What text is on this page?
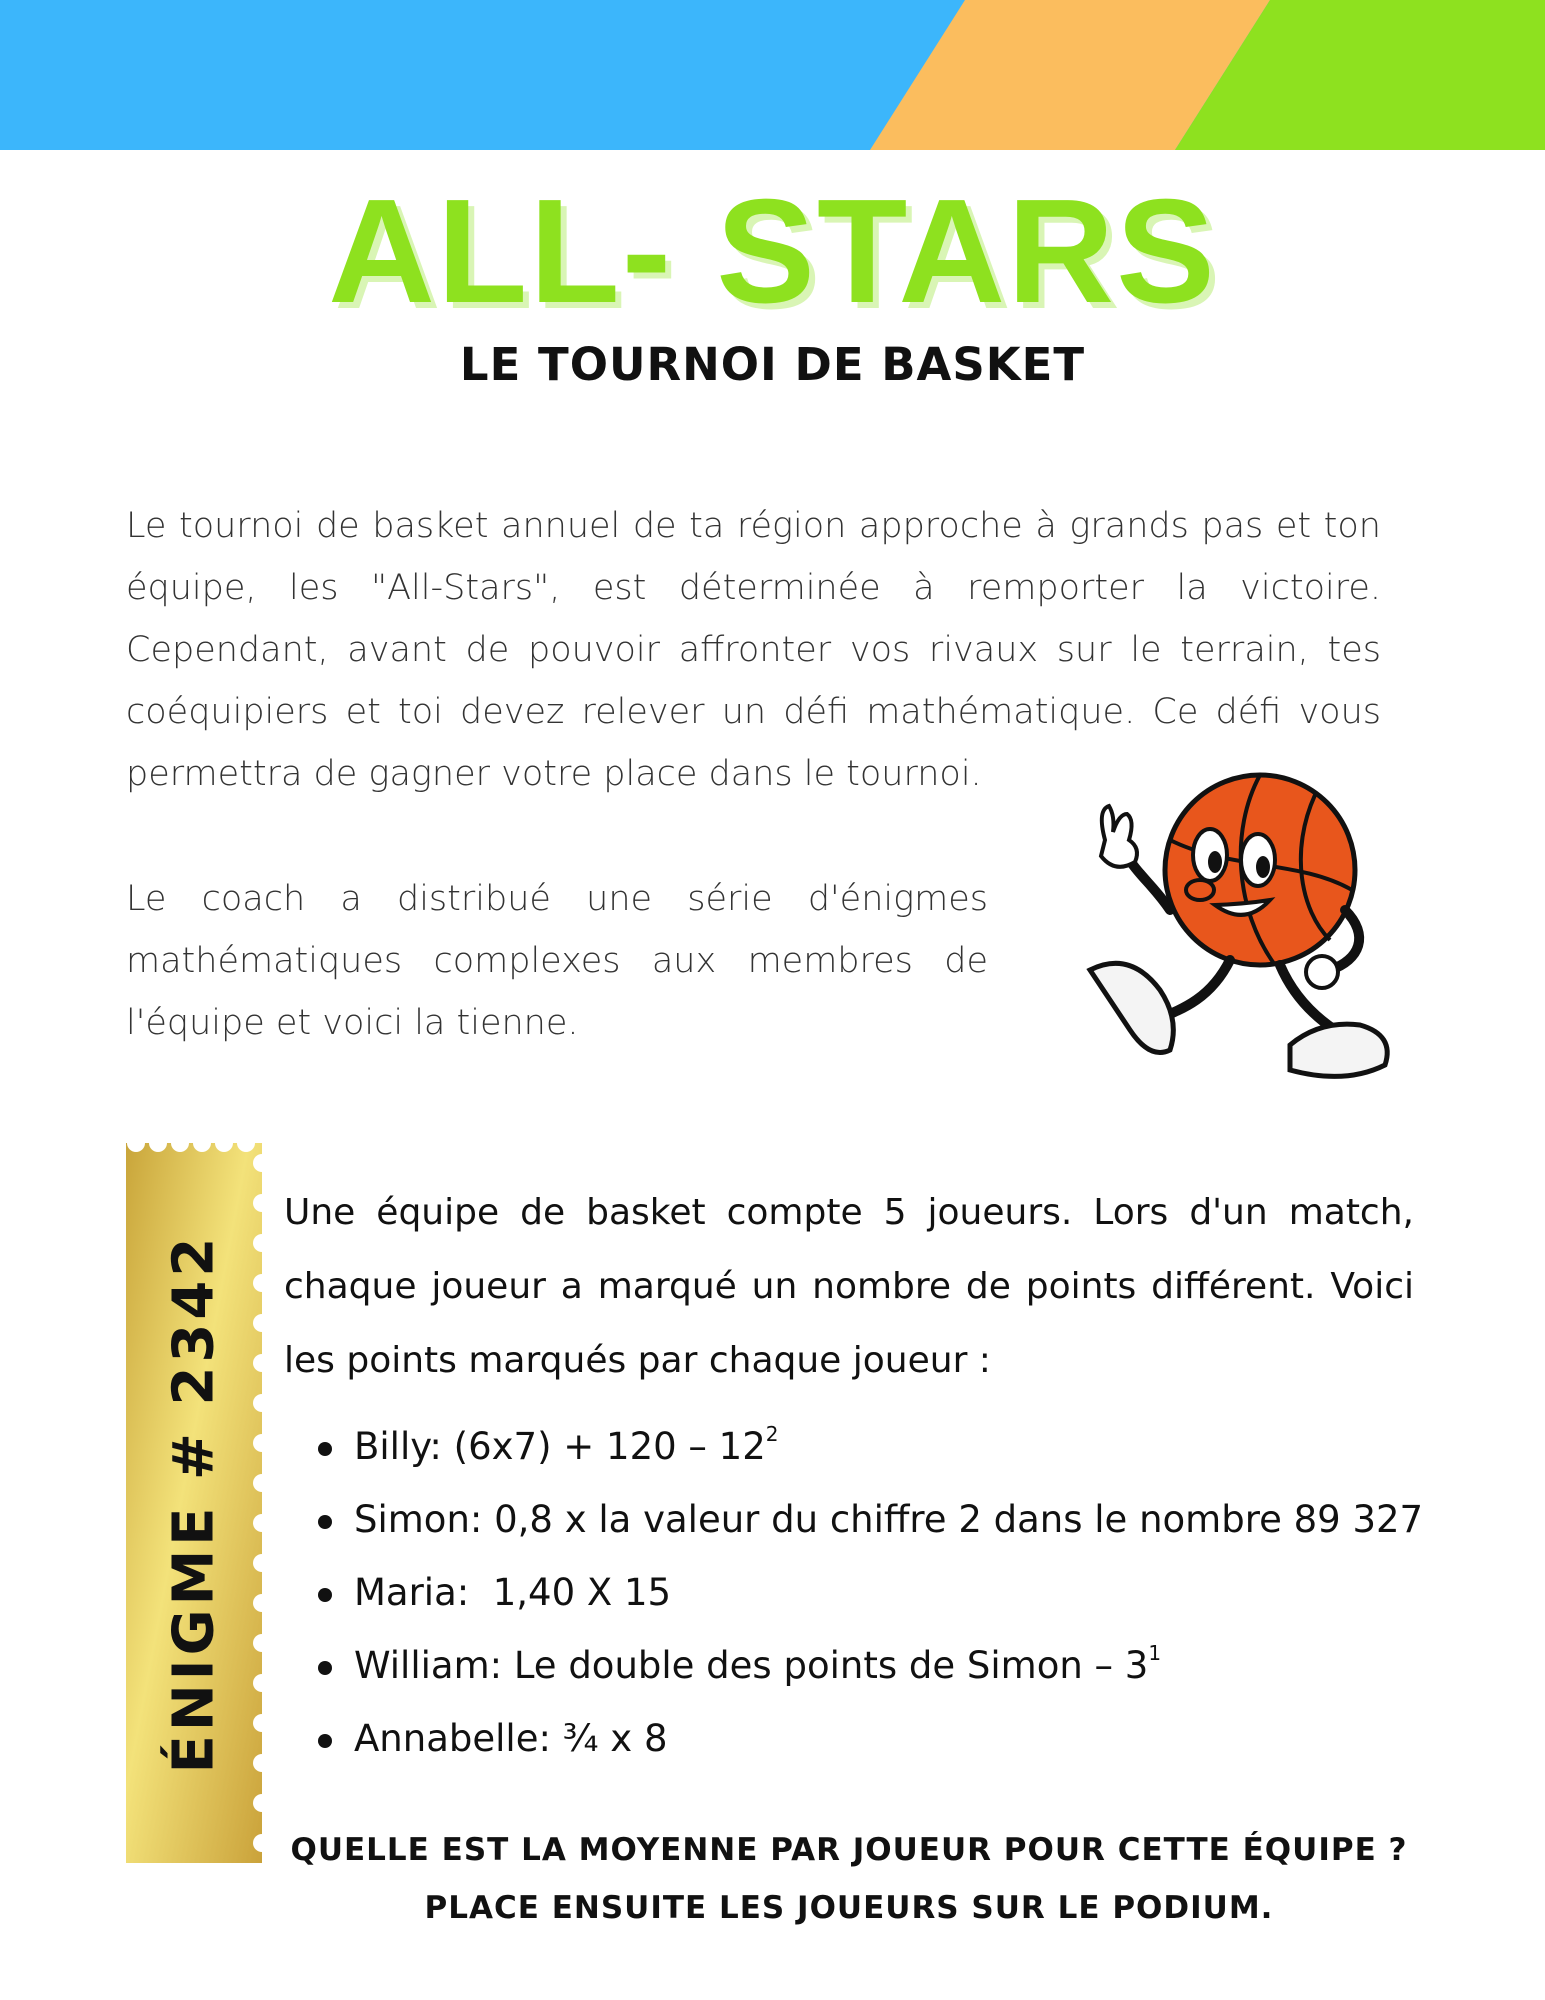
ALL- STARS
LE TOURNOI DE BASKET

Le tournoi de basket annuel de ta région approche à grands pas et ton équipe, les "All-Stars", est déterminée à remporter la victoire. Cependant, avant de pouvoir affronter vos rivaux sur le terrain, tes coéquipiers et toi devez relever un défi mathématique. Ce défi vous permettra de gagner votre place dans le tournoi.

Le coach a distribué une série d'énigmes mathématiques complexes aux membres de l'équipe et voici la tienne.

ÉNIGME # 2342

Une équipe de basket compte 5 joueurs. Lors d'un match, chaque joueur a marqué un nombre de points différent. Voici les points marqués par chaque joueur :

Billy: $(6x7) + 120 - 12^2$
Simon: 0,8 x la valeur du chiffre 2 dans le nombre 89 327
Maria:  1,40 X 15
William: Le double des points de Simon – $3^1$
Annabelle: ¾ x 8
QUELLE EST LA MOYENNE PAR JOUEUR POUR CETTE ÉQUIPE ?
PLACE ENSUITE LES JOUEURS SUR LE PODIUM.
